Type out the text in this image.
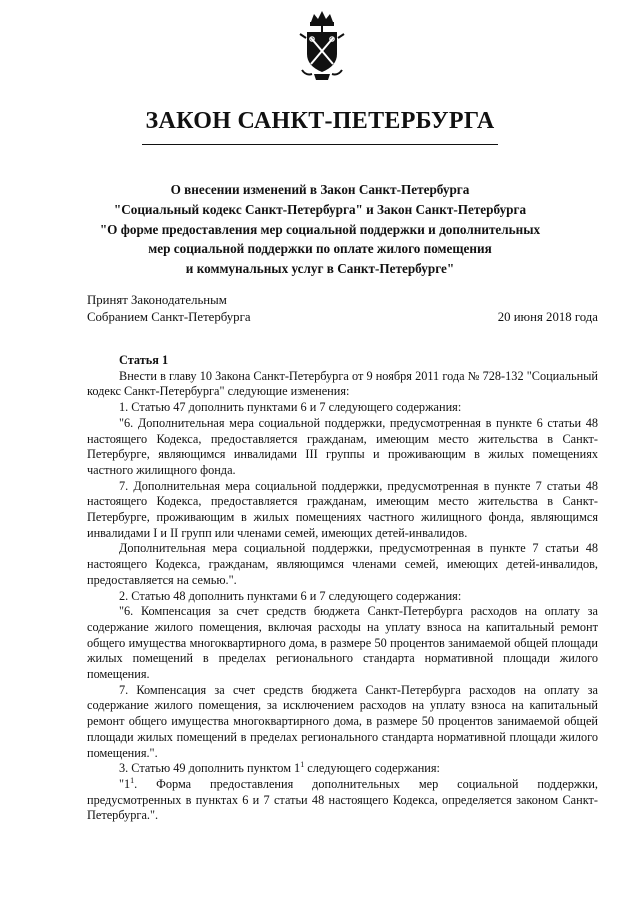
ЗАКОН САНКТ-ПЕТЕРБУРГА
О внесении изменений в Закон Санкт-Петербурга
"Социальный кодекс Санкт-Петербурга" и Закон Санкт-Петербурга
"О форме предоставления мер социальной поддержки и дополнительных
мер социальной поддержки по оплате жилого помещения
и коммунальных услуг в Санкт-Петербурге"
Принят Законодательным
Собранием Санкт-Петербурга	20 июня 2018 года

Статья 1

Внести в главу 10 Закона Санкт-Петербурга от 9 ноября 2011 года № 728-132 "Социальный кодекс Санкт-Петербурга" следующие изменения:

1. Статью 47 дополнить пунктами 6 и 7 следующего содержания:

"6. Дополнительная мера социальной поддержки, предусмотренная в пункте 6 статьи 48 настоящего Кодекса, предоставляется гражданам, имеющим место жительства в Санкт-Петербурге, являющимся инвалидами III группы и проживающим в жилых помещениях частного жилищного фонда.

7. Дополнительная мера социальной поддержки, предусмотренная в пункте 7 статьи 48 настоящего Кодекса, предоставляется гражданам, имеющим место жительства в Санкт-Петербурге, проживающим в жилых помещениях частного жилищного фонда, являющимся инвалидами I и II групп или членами семей, имеющих детей-инвалидов.

Дополнительная мера социальной поддержки, предусмотренная в пункте 7 статьи 48 настоящего Кодекса, гражданам, являющимся членами семей, имеющих детей-инвалидов, предоставляется на семью.".

2. Статью 48 дополнить пунктами 6 и 7 следующего содержания:

"6. Компенсация за счет средств бюджета Санкт-Петербурга расходов на оплату за содержание жилого помещения, включая расходы на уплату взноса на капитальный ремонт общего имущества многоквартирного дома, в размере 50 процентов занимаемой общей площади жилых помещений в пределах регионального стандарта нормативной площади жилого помещения.

7. Компенсация за счет средств бюджета Санкт-Петербурга расходов на оплату за содержание жилого помещения, за исключением расходов на уплату взноса на капитальный ремонт общего имущества многоквартирного дома, в размере 50 процентов занимаемой общей площади жилых помещений в пределах регионального стандарта нормативной площади жилого помещения.".

3. Статью 49 дополнить пунктом $1^1$ следующего содержания:

"$1^1$. Форма предоставления дополнительных мер социальной поддержки, предусмотренных в пунктах 6 и 7 статьи 48 настоящего Кодекса, определяется законом Санкт-Петербурга.".
